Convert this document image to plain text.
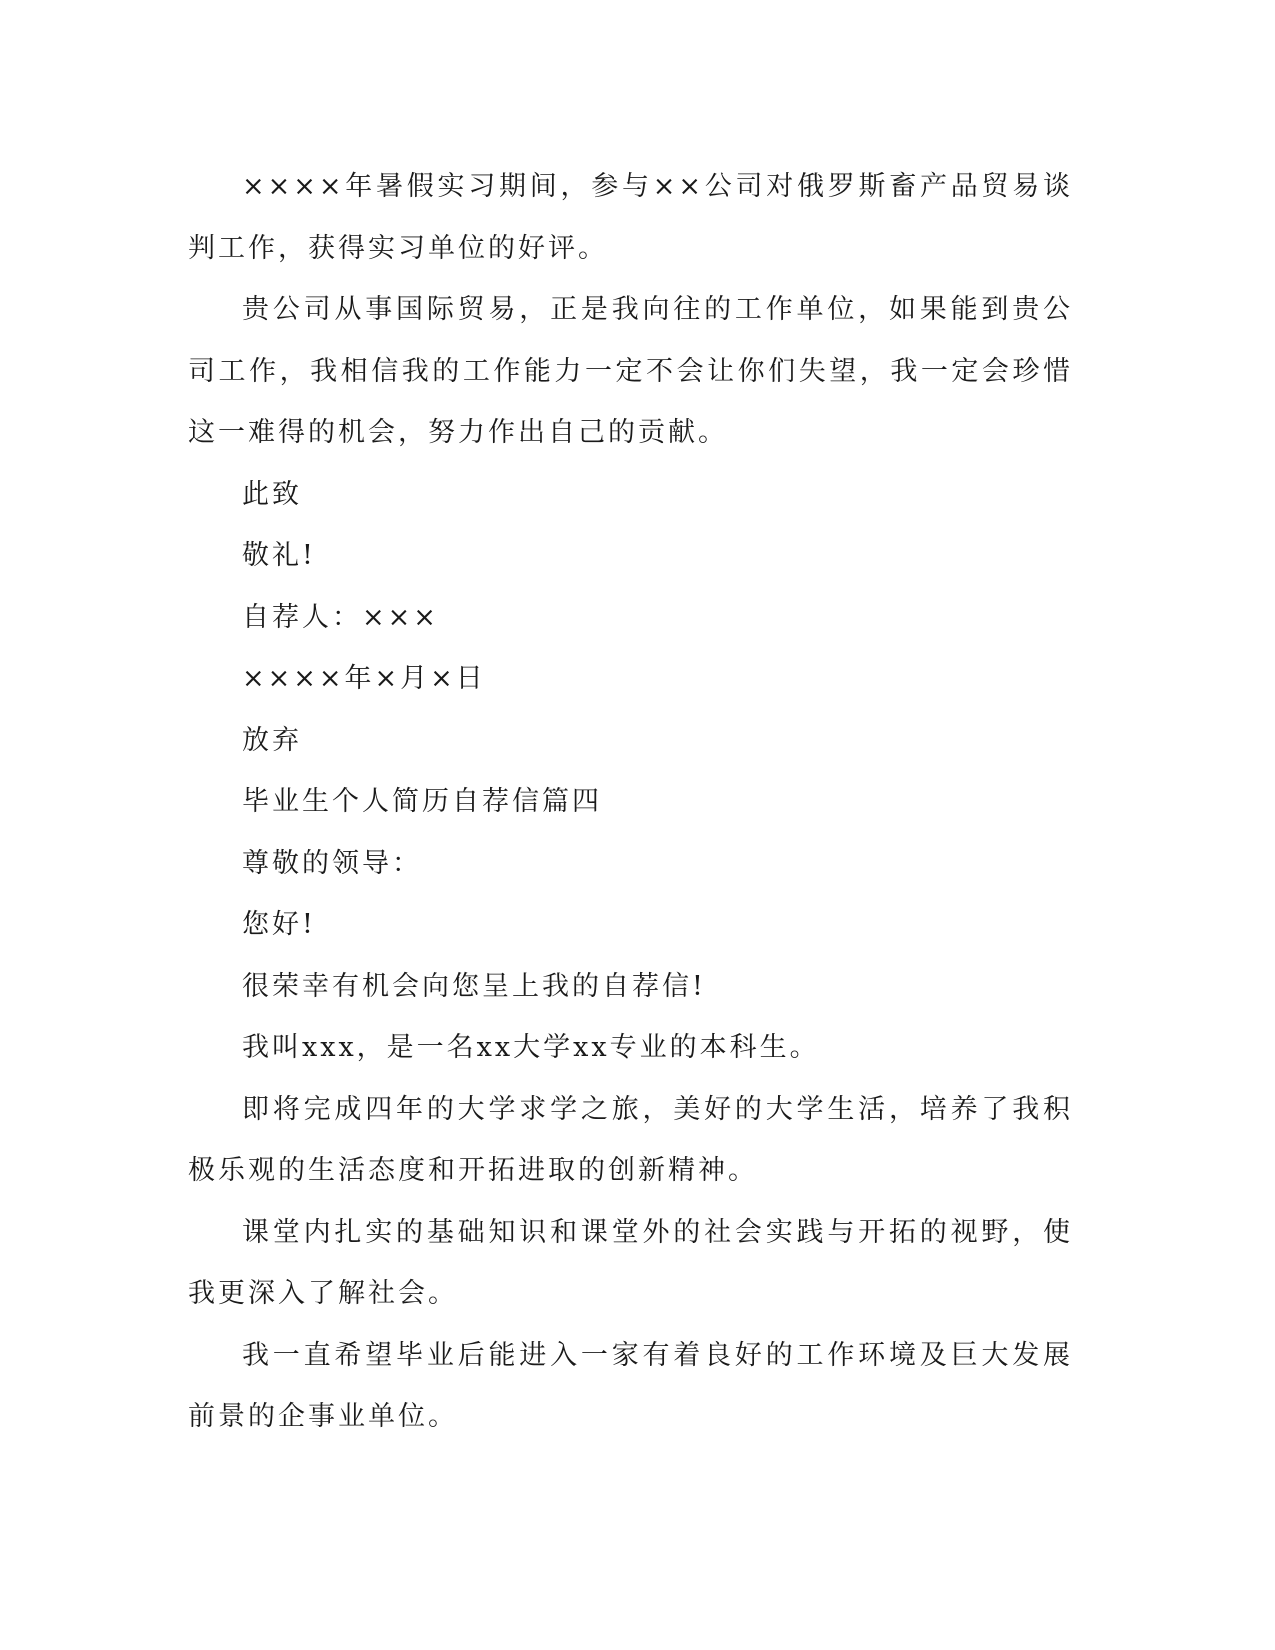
××××年暑假实习期间，参与××公司对俄罗斯畜产品贸易谈判工作，获得实习单位的好评。

贵公司从事国际贸易，正是我向往的工作单位，如果能到贵公司工作，我相信我的工作能力一定不会让你们失望，我一定会珍惜这一难得的机会，努力作出自己的贡献。

此致

敬礼!

自荐人：×××

××××年×月×日

放弃

毕业生个人简历自荐信篇四

尊敬的领导：

您好!

很荣幸有机会向您呈上我的自荐信!

我叫xxx，是一名xx大学xx专业的本科生。

即将完成四年的大学求学之旅，美好的大学生活，培养了我积极乐观的生活态度和开拓进取的创新精神。

课堂内扎实的基础知识和课堂外的社会实践与开拓的视野，使我更深入了解社会。

我一直希望毕业后能进入一家有着良好的工作环境及巨大发展前景的企事业单位。
